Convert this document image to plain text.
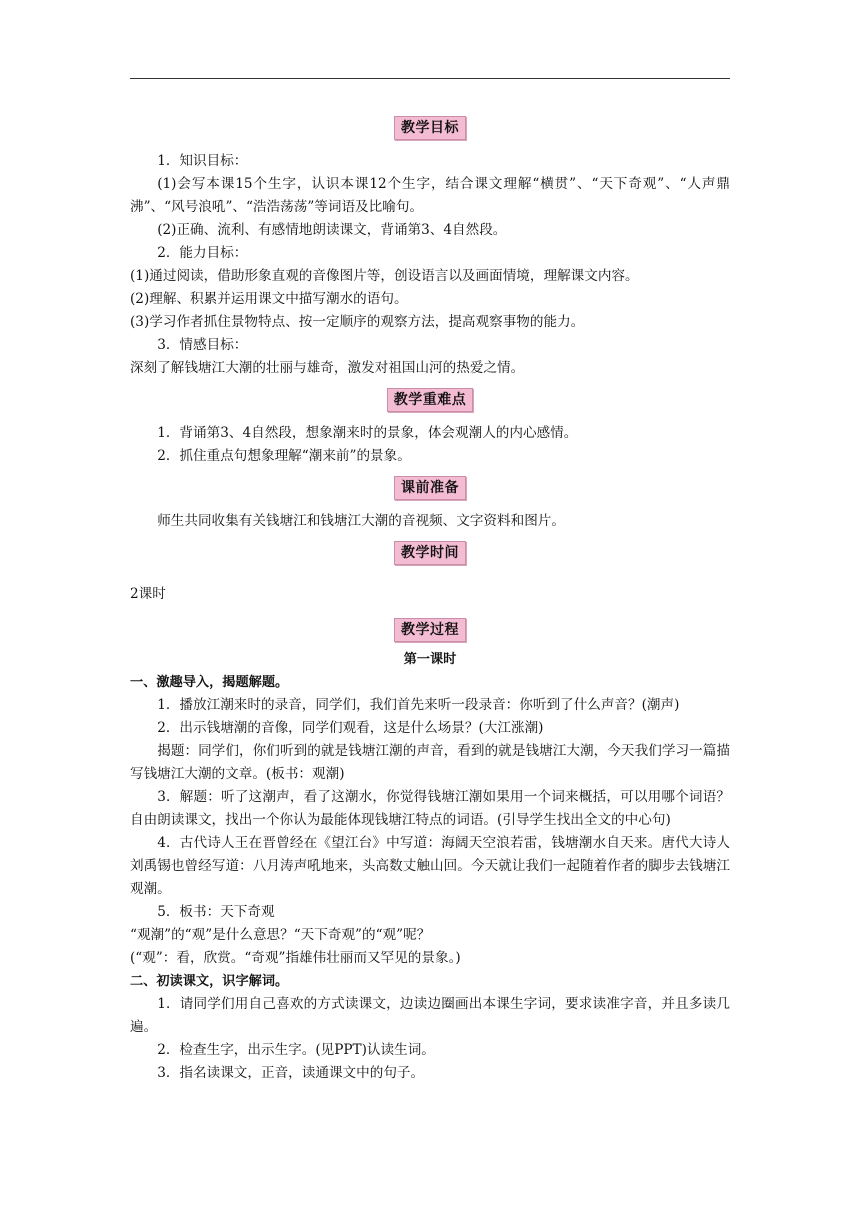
教学目标

1．知识目标：

(1)会写本课15个生字，认识本课12个生字，结合课文理解“横贯”、“天下奇观”、“人声鼎沸”、“风号浪吼”、“浩浩荡荡”等词语及比喻句。

(2)正确、流利、有感情地朗读课文，背诵第3、4自然段。

2．能力目标：

(1)通过阅读，借助形象直观的音像图片等，创设语言以及画面情境，理解课文内容。

(2)理解、积累并运用课文中描写潮水的语句。

(3)学习作者抓住景物特点、按一定顺序的观察方法，提高观察事物的能力。

3．情感目标：

深刻了解钱塘江大潮的壮丽与雄奇，激发对祖国山河的热爱之情。

教学重难点

1．背诵第3、4自然段，想象潮来时的景象，体会观潮人的内心感情。

2．抓住重点句想象理解“潮来前”的景象。

课前准备

师生共同收集有关钱塘江和钱塘江大潮的音视频、文字资料和图片。

教学时间

2课时

教学过程
第一课时

一、激趣导入，揭题解题。

1．播放江潮来时的录音，同学们，我们首先来听一段录音：你听到了什么声音？(潮声)

2．出示钱塘潮的音像，同学们观看，这是什么场景？(大江涨潮)

揭题：同学们，你们听到的就是钱塘江潮的声音，看到的就是钱塘江大潮，今天我们学习一篇描写钱塘江大潮的文章。(板书：观潮)

3．解题：听了这潮声，看了这潮水，你觉得钱塘江潮如果用一个词来概括，可以用哪个词语？自由朗读课文，找出一个你认为最能体现钱塘江特点的词语。(引导学生找出全文的中心句)

4．古代诗人王在晋曾经在《望江台》中写道：海阔天空浪若雷，钱塘潮水自天来。唐代大诗人刘禹锡也曾经写道：八月涛声吼地来，头高数丈触山回。今天就让我们一起随着作者的脚步去钱塘江观潮。

5．板书：天下奇观

“观潮”的“观”是什么意思？“天下奇观”的“观”呢？

(“观”：看，欣赏。“奇观”指雄伟壮丽而又罕见的景象。)

二、初读课文，识字解词。

1．请同学们用自己喜欢的方式读课文，边读边圈画出本课生字词，要求读准字音，并且多读几遍。

2．检查生字，出示生字。(见PPT)认读生词。

3．指名读课文，正音，读通课文中的句子。
